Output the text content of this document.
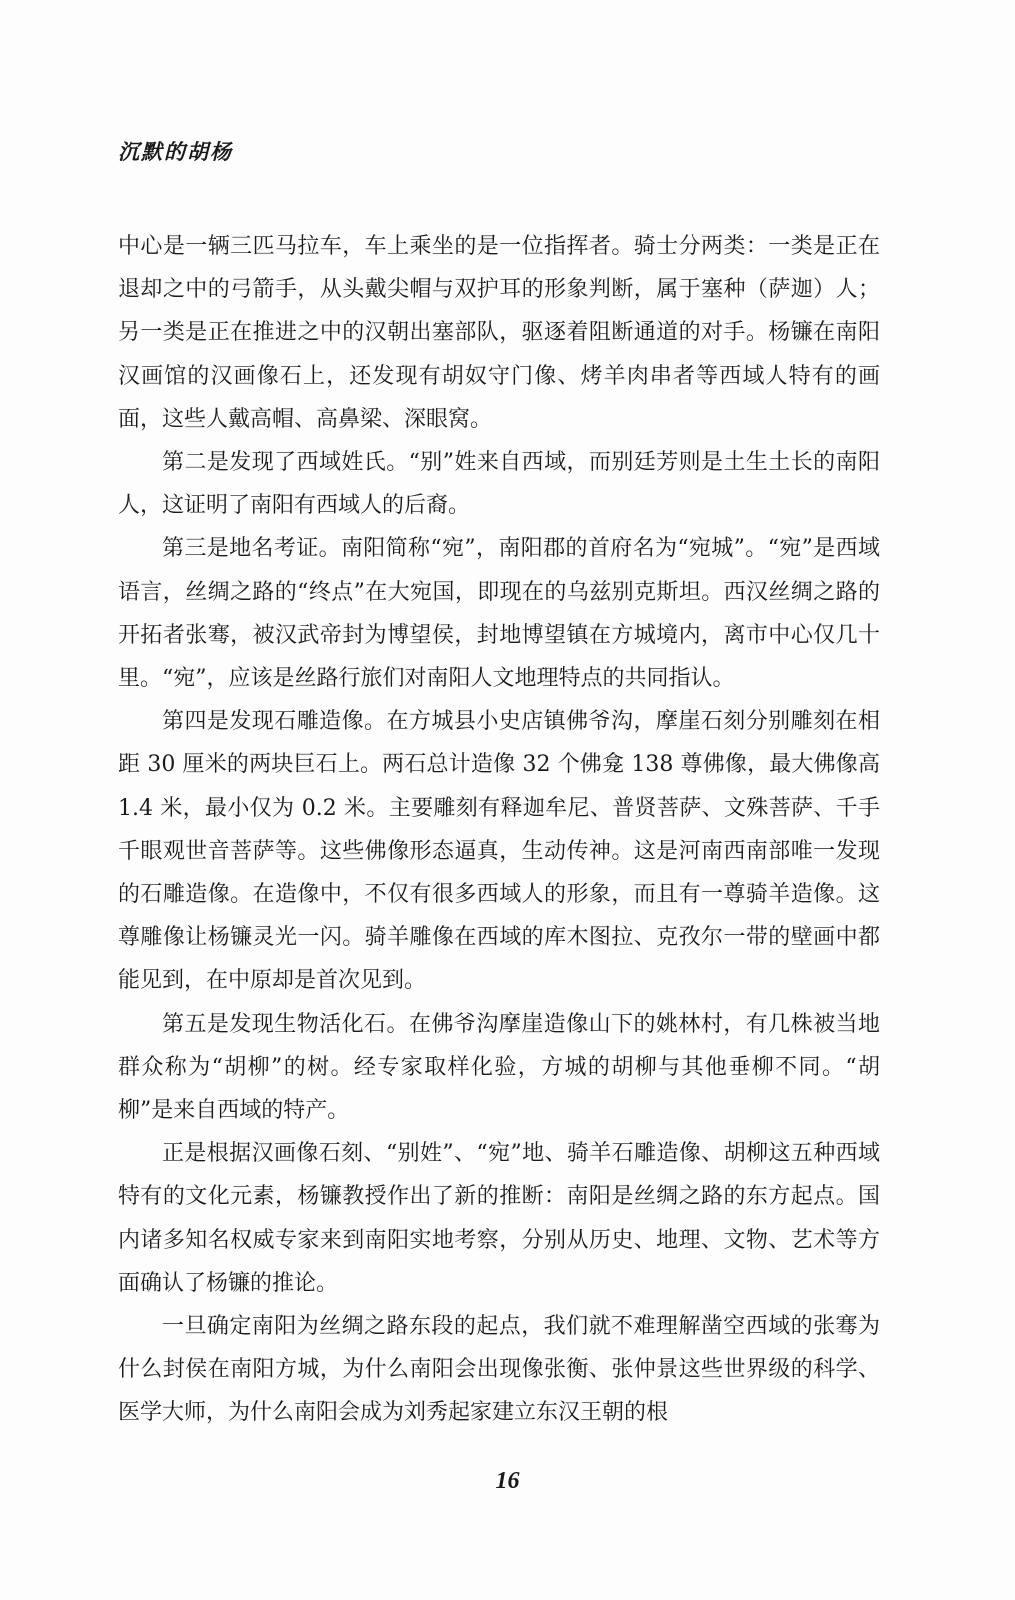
沉默的胡杨

中心是一辆三匹马拉车，车上乘坐的是一位指挥者。骑士分两类：一类是正在退却之中的弓箭手，从头戴尖帽与双护耳的形象判断，属于塞种（萨迦）人；另一类是正在推进之中的汉朝出塞部队，驱逐着阻断通道的对手。杨镰在南阳汉画馆的汉画像石上，还发现有胡奴守门像、烤羊肉串者等西域人特有的画面，这些人戴高帽、高鼻梁、深眼窝。

第二是发现了西域姓氏。“别”姓来自西域，而别廷芳则是土生土长的南阳人，这证明了南阳有西域人的后裔。

第三是地名考证。南阳简称“宛”，南阳郡的首府名为“宛城”。“宛”是西域语言，丝绸之路的“终点”在大宛国，即现在的乌兹别克斯坦。西汉丝绸之路的开拓者张骞，被汉武帝封为博望侯，封地博望镇在方城境内，离市中心仅几十里。“宛”，应该是丝路行旅们对南阳人文地理特点的共同指认。

第四是发现石雕造像。在方城县小史店镇佛爷沟，摩崖石刻分别雕刻在相距 30 厘米的两块巨石上。两石总计造像 32 个佛龛 138 尊佛像，最大佛像高 1.4 米，最小仅为 0.2 米。主要雕刻有释迦牟尼、普贤菩萨、文殊菩萨、千手千眼观世音菩萨等。这些佛像形态逼真，生动传神。这是河南西南部唯一发现的石雕造像。在造像中，不仅有很多西域人的形象，而且有一尊骑羊造像。这尊雕像让杨镰灵光一闪。骑羊雕像在西域的库木图拉、克孜尔一带的壁画中都能见到，在中原却是首次见到。

第五是发现生物活化石。在佛爷沟摩崖造像山下的姚林村，有几株被当地群众称为“胡柳”的树。经专家取样化验，方城的胡柳与其他垂柳不同。“胡柳”是来自西域的特产。

正是根据汉画像石刻、“别姓”、“宛”地、骑羊石雕造像、胡柳这五种西域特有的文化元素，杨镰教授作出了新的推断：南阳是丝绸之路的东方起点。国内诸多知名权威专家来到南阳实地考察，分别从历史、地理、文物、艺术等方面确认了杨镰的推论。

一旦确定南阳为丝绸之路东段的起点，我们就不难理解凿空西域的张骞为什么封侯在南阳方城，为什么南阳会出现像张衡、张仲景这些世界级的科学、医学大师，为什么南阳会成为刘秀起家建立东汉王朝的根

16
